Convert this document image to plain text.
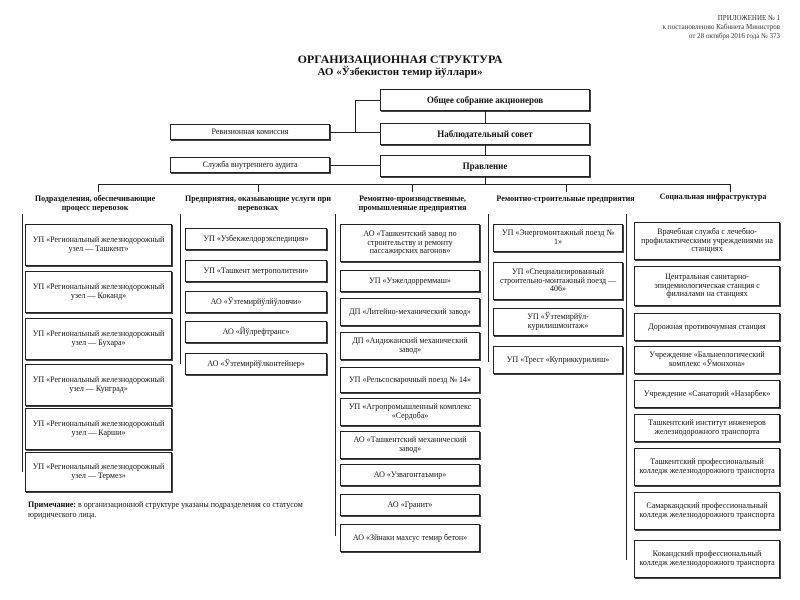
ПРИЛОЖЕНИЕ № 1
к постановлению Кабинета Министров
от 28 октября 2016 года № 373
ОРГАНИЗАЦИОННАЯ СТРУКТУРА
АО «Ўзбекистон темир йўллари»
Общее собрание акционеров
Ревизионная комиссия	Наблюдательный совет
Служба внутреннего аудита	Правление
Подразделения, обеспечивающие процесс перевозок
Предприятия, оказывающие услуги при перевозках
Ремонтно-производственные, промышленные предприятия
Ремонтно-строительные предприятия	Социальная инфраструктура
УП «Региональный железнодорожный узел — Ташкент»
УП «Региональный железнодорожный узел — Коканд»
УП «Региональный железнодорожный узел — Бухара»
УП «Региональный железнодорожный узел — Кунград»
УП «Региональный железнодорожный узел — Карши»
УП «Региональный железнодорожный узел — Термез»
УП «Узбекжелдорэкспедиция»
УП «Ташкент метрополитени»
АО «Ўзтемирйўлйўловчи»
АО «Йўлрефтранс»
АО «Ўзтемирйўлконтейнер»
АО «Ташкентский завод по строительству и ремонту пассажирских вагонов»
УП «Узжелдорреммаш»
ДП «Литейно-механический завод»
ДП «Андижанский механический завод»
УП «Рельсосварочный поезд № 14»
УП «Агропромышленный комплекс «Сердоба»
АО «Ташкентский механический завод»
АО «Узвагонтаъмир»
АО «Гранит»
АО «Зйнаки махсус темир бетон»
УП «Энергомонтажный поезд № 1»
УП «Специализированный строительно-монтажный поезд — 406»
УП «Ўзтемирйўл-курилишмонтаж»
УП «Трест «Куприккурилиш»
Врачебная служба с лечебно-профилактическими учреждениями на станциях
Центральная санитарно-эпидемиологическая станция с филиалами на станциях
Дорожная противочумная станция
Учреждение «Бальнеологический комплекс «Ўмонхона»
Учреждение «Санаторий «Назарбек»
Ташкентский институт инженеров железнодорожного транспорта
Ташкентский профессиональный колледж железнодорожного транспорта
Самаркандский профессиональный колледж железнодорожного транспорта
Кокандский профессиональный колледж железнодорожного транспорта
Примечание: в организационной структуре указаны подразделения со статусом юридического лица.
